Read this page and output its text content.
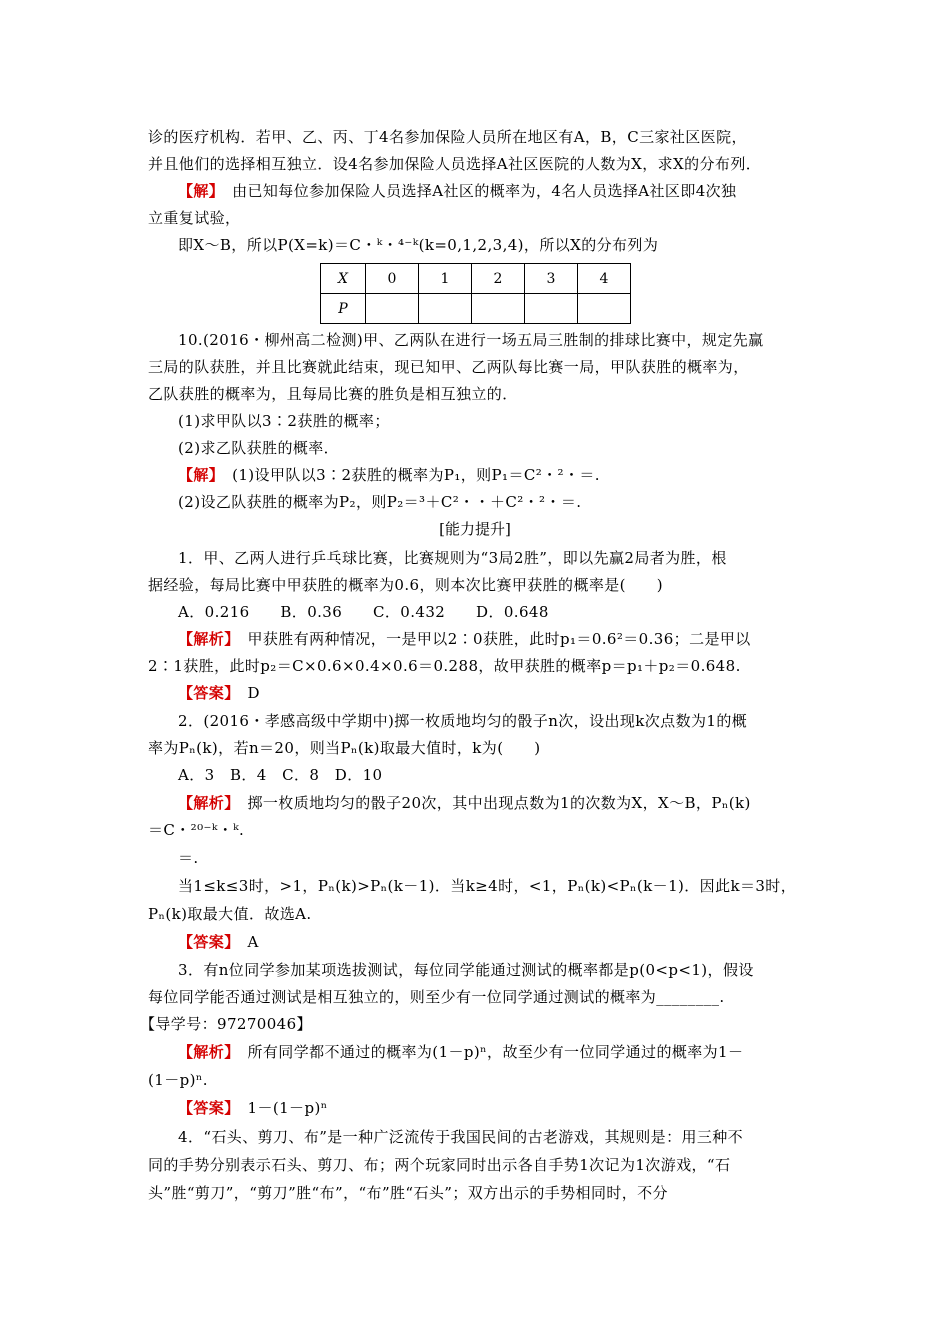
诊的医疗机构．若甲、乙、丙、丁4名参加保险人员所在地区有A，B，C三家社区医院，
并且他们的选择相互独立．设4名参加保险人员选择A社区医院的人数为X，求X的分布列．
【解】　由已知每位参加保险人员选择A社区的概率为，4名人员选择A社区即4次独
立重复试验，
即X～B，所以P(X=k)＝C・ᵏ・⁴⁻ᵏ(k=0,1,2,3,4)，所以X的分布列为
X	0	1	2	3	4
P					
10.(2016・柳州高二检测)甲、乙两队在进行一场五局三胜制的排球比赛中，规定先赢
三局的队获胜，并且比赛就此结束，现已知甲、乙两队每比赛一局，甲队获胜的概率为，
乙队获胜的概率为，且每局比赛的胜负是相互独立的．
(1)求甲队以3∶2获胜的概率；
(2)求乙队获胜的概率．
【解】　(1)设甲队以3∶2获胜的概率为P₁，则P₁＝C²・²・＝.
(2)设乙队获胜的概率为P₂，则P₂＝³＋C²・・＋C²・²・＝.
[能力提升]
1．甲、乙两人进行乒乓球比赛，比赛规则为“3局2胜”，即以先赢2局者为胜，根
据经验，每局比赛中甲获胜的概率为0.6，则本次比赛甲获胜的概率是(　　)
A．0.216　　B．0.36　　C．0.432　　D．0.648
【解析】　甲获胜有两种情况，一是甲以2∶0获胜，此时p₁＝0.6²＝0.36；二是甲以
2∶1获胜，此时p₂＝C×0.6×0.4×0.6＝0.288，故甲获胜的概率p＝p₁＋p₂＝0.648.
【答案】　D
2．(2016・孝感高级中学期中)掷一枚质地均匀的骰子n次，设出现k次点数为1的概
率为Pₙ(k)，若n＝20，则当Pₙ(k)取最大值时，k为(　　)
A．3　B．4　C．8　D．10
【解析】　掷一枚质地均匀的骰子20次，其中出现点数为1的次数为X，X～B，Pₙ(k)
＝C・²⁰⁻ᵏ・ᵏ.
＝.
当1≤k≤3时，>1，Pₙ(k)>Pₙ(k－1)．当k≥4时，<1，Pₙ(k)<Pₙ(k－1)．因此k＝3时，
Pₙ(k)取最大值．故选A.
【答案】　A
3．有n位同学参加某项选拔测试，每位同学能通过测试的概率都是p(0<p<1)，假设
每位同学能否通过测试是相互独立的，则至少有一位同学通过测试的概率为________.
【导学号：97270046】
【解析】　所有同学都不通过的概率为(1－p)ⁿ，故至少有一位同学通过的概率为1－
(1－p)ⁿ.
【答案】　1－(1－p)ⁿ
4．“石头、剪刀、布”是一种广泛流传于我国民间的古老游戏，其规则是：用三种不
同的手势分别表示石头、剪刀、布；两个玩家同时出示各自手势1次记为1次游戏，“石
头”胜“剪刀”，“剪刀”胜“布”，“布”胜“石头”；双方出示的手势相同时，不分
